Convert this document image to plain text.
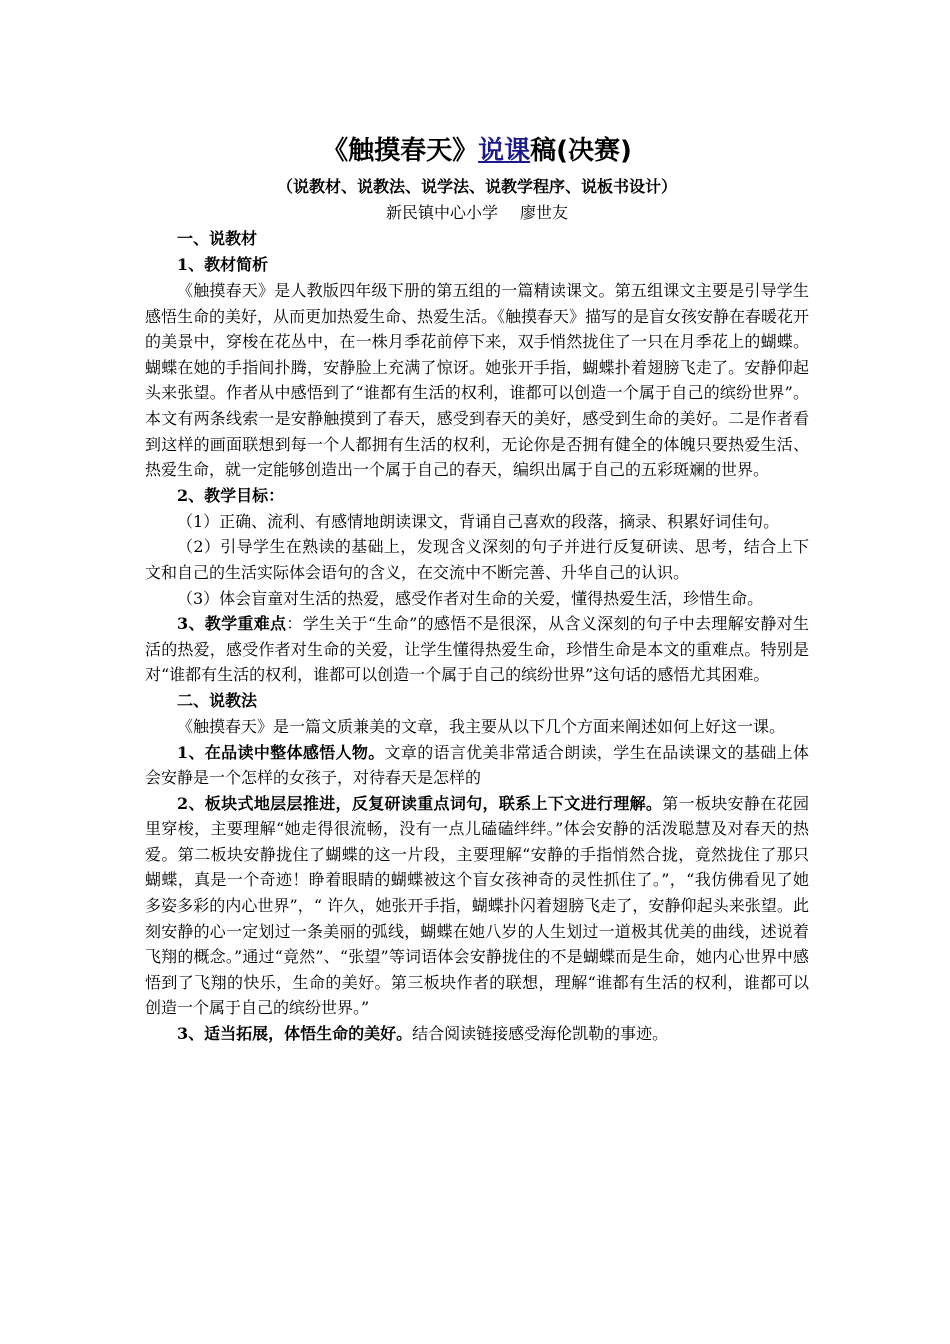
《触摸春天》说课稿(决赛)

（说教材、说教法、说学法、说教学程序、说板书设计）

新民镇中心小学 廖世友

一、说教材

1、教材简析

《触摸春天》是人教版四年级下册的第五组的一篇精读课文。第五组课文主要是引导学生感悟生命的美好，从而更加热爱生命、热爱生活。《触摸春天》描写的是盲女孩安静在春暖花开的美景中，穿梭在花丛中，在一株月季花前停下来，双手悄然拢住了一只在月季花上的蝴蝶。蝴蝶在她的手指间扑腾，安静脸上充满了惊讶。她张开手指，蝴蝶扑着翅膀飞走了。安静仰起头来张望。作者从中感悟到了“谁都有生活的权利，谁都可以创造一个属于自己的缤纷世界”。本文有两条线索一是安静触摸到了春天，感受到春天的美好，感受到生命的美好。二是作者看到这样的画面联想到每一个人都拥有生活的权利，无论你是否拥有健全的体魄只要热爱生活、热爱生命，就一定能够创造出一个属于自己的春天，编织出属于自己的五彩斑斓的世界。

2、教学目标：

（1）正确、流利、有感情地朗读课文，背诵自己喜欢的段落，摘录、积累好词佳句。

（2）引导学生在熟读的基础上，发现含义深刻的句子并进行反复研读、思考，结合上下文和自己的生活实际体会语句的含义，在交流中不断完善、升华自己的认识。

（3）体会盲童对生活的热爱，感受作者对生命的关爱，懂得热爱生活，珍惜生命。

3、教学重难点：学生关于“生命”的感悟不是很深，从含义深刻的句子中去理解安静对生活的热爱，感受作者对生命的关爱，让学生懂得热爱生命，珍惜生命是本文的重难点。特别是对“谁都有生活的权利，谁都可以创造一个属于自己的缤纷世界”这句话的感悟尤其困难。

二、说教法

《触摸春天》是一篇文质兼美的文章，我主要从以下几个方面来阐述如何上好这一课。

1、在品读中整体感悟人物。文章的语言优美非常适合朗读，学生在品读课文的基础上体会安静是一个怎样的女孩子，对待春天是怎样的

2、板块式地层层推进，反复研读重点词句，联系上下文进行理解。第一板块安静在花园里穿梭，主要理解“她走得很流畅，没有一点儿磕磕绊绊。”体会安静的活泼聪慧及对春天的热爱。第二板块安静拢住了蝴蝶的这一片段，主要理解“安静的手指悄然合拢，竟然拢住了那只蝴蝶，真是一个奇迹！睁着眼睛的蝴蝶被这个盲女孩神奇的灵性抓住了。”，“我仿佛看见了她多姿多彩的内心世界”，“ 许久，她张开手指，蝴蝶扑闪着翅膀飞走了，安静仰起头来张望。此刻安静的心一定划过一条美丽的弧线，蝴蝶在她八岁的人生划过一道极其优美的曲线，述说着飞翔的概念。”通过“竟然”、“张望”等词语体会安静拢住的不是蝴蝶而是生命，她内心世界中感悟到了飞翔的快乐，生命的美好。第三板块作者的联想，理解“谁都有生活的权利，谁都可以创造一个属于自己的缤纷世界。”

3、适当拓展，体悟生命的美好。结合阅读链接感受海伦凯勒的事迹。
